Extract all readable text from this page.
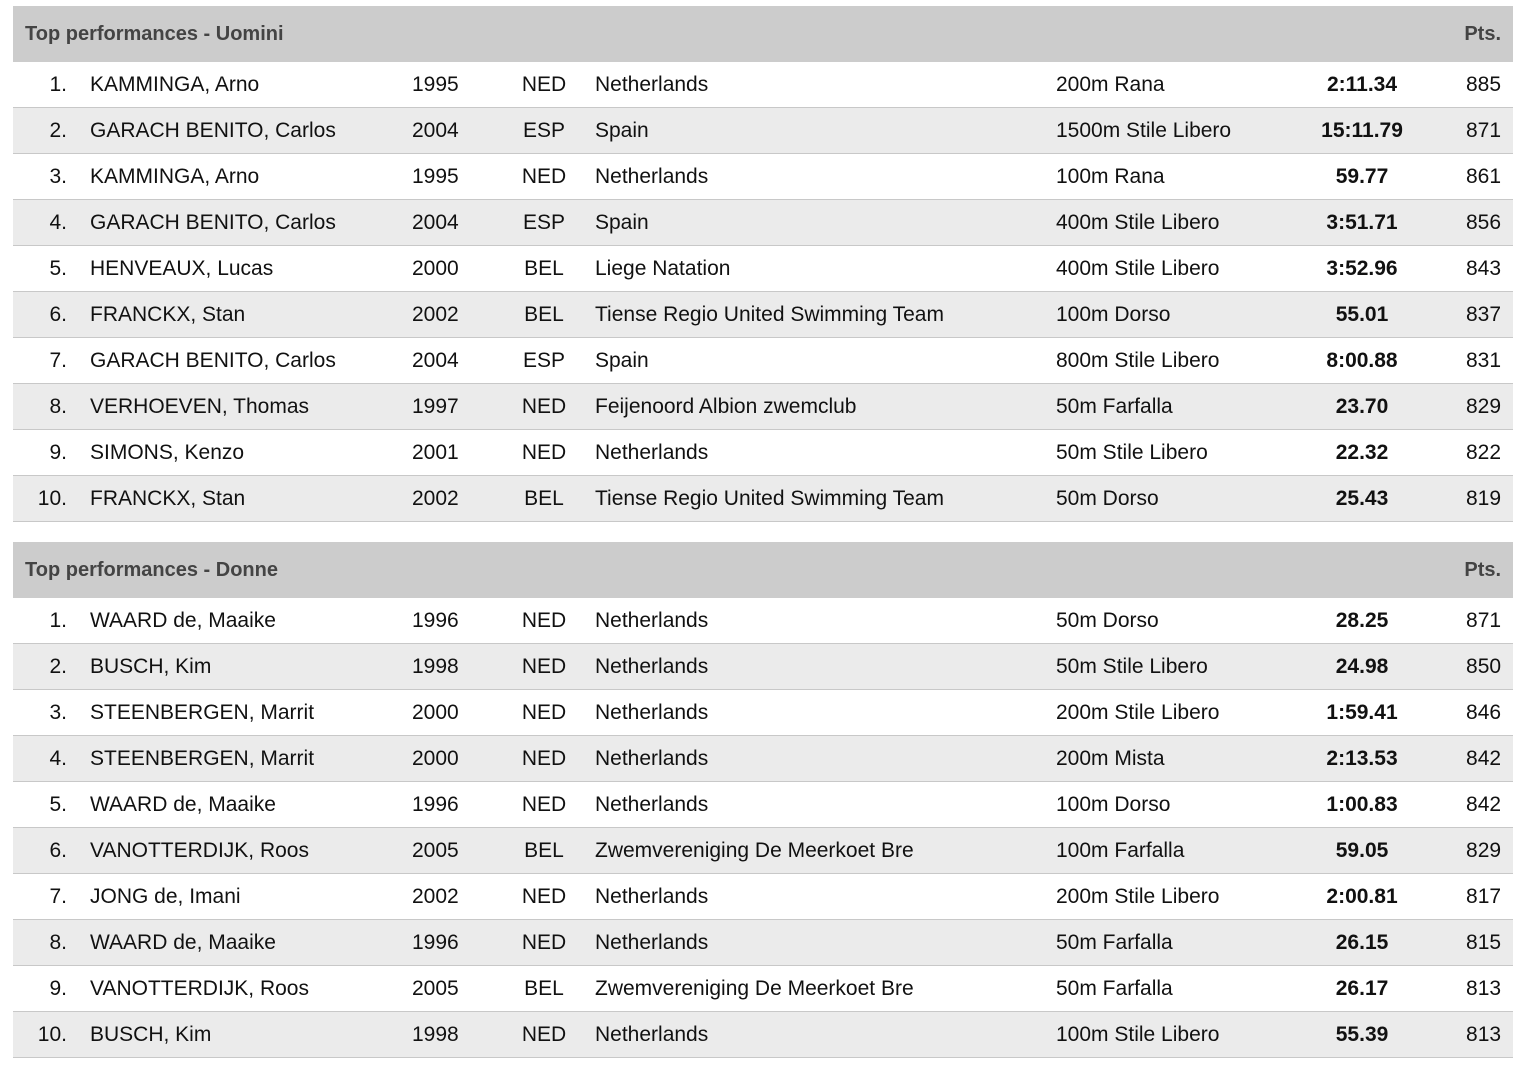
Top performances - Uomini							Pts.
1.	KAMMINGA, Arno	1995	NED	Netherlands	200m Rana	2:11.34	885
2.	GARACH BENITO, Carlos	2004	ESP	Spain	1500m Stile Libero	15:11.79	871
3.	KAMMINGA, Arno	1995	NED	Netherlands	100m Rana	59.77	861
4.	GARACH BENITO, Carlos	2004	ESP	Spain	400m Stile Libero	3:51.71	856
5.	HENVEAUX, Lucas	2000	BEL	Liege Natation	400m Stile Libero	3:52.96	843
6.	FRANCKX, Stan	2002	BEL	Tiense Regio United Swimming Team	100m Dorso	55.01	837
7.	GARACH BENITO, Carlos	2004	ESP	Spain	800m Stile Libero	8:00.88	831
8.	VERHOEVEN, Thomas	1997	NED	Feijenoord Albion zwemclub	50m Farfalla	23.70	829
9.	SIMONS, Kenzo	2001	NED	Netherlands	50m Stile Libero	22.32	822
10.	FRANCKX, Stan	2002	BEL	Tiense Regio United Swimming Team	50m Dorso	25.43	819
Top performances - Donne							Pts.
1.	WAARD de, Maaike	1996	NED	Netherlands	50m Dorso	28.25	871
2.	BUSCH, Kim	1998	NED	Netherlands	50m Stile Libero	24.98	850
3.	STEENBERGEN, Marrit	2000	NED	Netherlands	200m Stile Libero	1:59.41	846
4.	STEENBERGEN, Marrit	2000	NED	Netherlands	200m Mista	2:13.53	842
5.	WAARD de, Maaike	1996	NED	Netherlands	100m Dorso	1:00.83	842
6.	VANOTTERDIJK, Roos	2005	BEL	Zwemvereniging De Meerkoet Bre	100m Farfalla	59.05	829
7.	JONG de, Imani	2002	NED	Netherlands	200m Stile Libero	2:00.81	817
8.	WAARD de, Maaike	1996	NED	Netherlands	50m Farfalla	26.15	815
9.	VANOTTERDIJK, Roos	2005	BEL	Zwemvereniging De Meerkoet Bre	50m Farfalla	26.17	813
10.	BUSCH, Kim	1998	NED	Netherlands	100m Stile Libero	55.39	813
